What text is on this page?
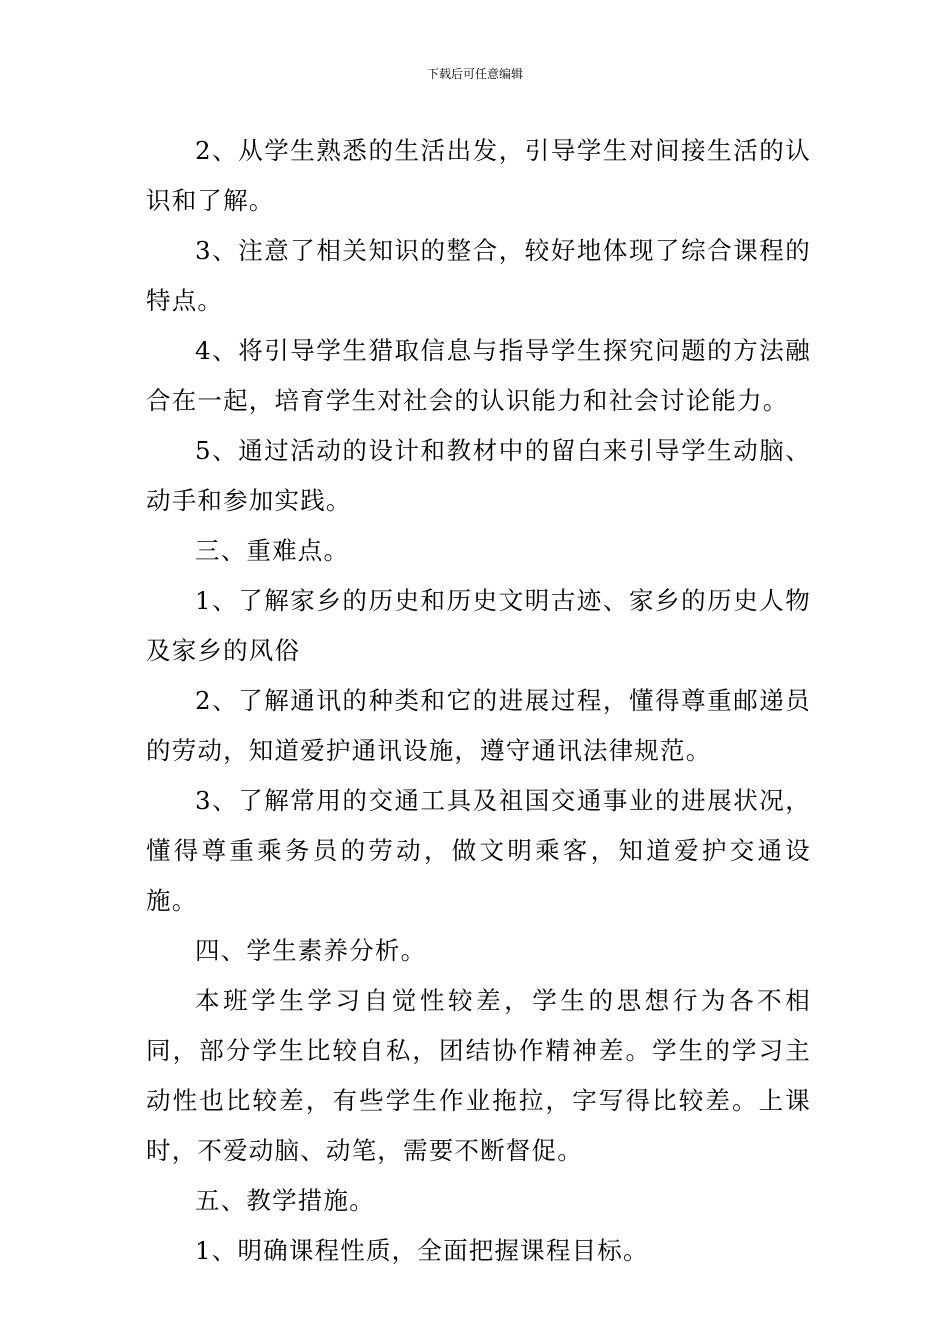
下载后可任意编辑

2、从学生熟悉的生活出发，引导学生对间接生活的认识和了解。

3、注意了相关知识的整合，较好地体现了综合课程的特点。

4、将引导学生猎取信息与指导学生探究问题的方法融合在一起，培育学生对社会的认识能力和社会讨论能力。

5、通过活动的设计和教材中的留白来引导学生动脑、动手和参加实践。

三、重难点。

1、了解家乡的历史和历史文明古迹、家乡的历史人物及家乡的风俗

2、了解通讯的种类和它的进展过程，懂得尊重邮递员的劳动，知道爱护通讯设施，遵守通讯法律规范。

3、了解常用的交通工具及祖国交通事业的进展状况，懂得尊重乘务员的劳动，做文明乘客，知道爱护交通设施。

四、学生素养分析。

本班学生学习自觉性较差，学生的思想行为各不相同，部分学生比较自私，团结协作精神差。学生的学习主动性也比较差，有些学生作业拖拉，字写得比较差。上课时，不爱动脑、动笔，需要不断督促。

五、教学措施。

1、明确课程性质，全面把握课程目标。
